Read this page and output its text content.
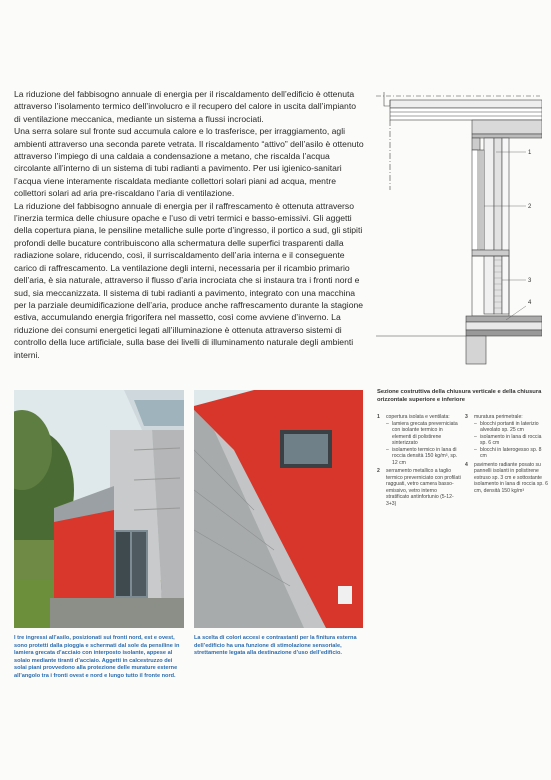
La riduzione del fabbisogno annuale di energia per il riscaldamento dell’edificio è ottenuta attraverso l’isolamento termico dell’involucro e il recupero del calore in uscita dall’impianto di ventilazione meccanica, mediante un sistema a flussi incrociati.

Una serra solare sul fronte sud accumula calore e lo trasferisce, per irraggiamento, agli ambienti attraverso una seconda parete vetrata. Il riscaldamento “attivo” dell’asilo è ottenuto attraverso l’impiego di una caldaia a condensazione a metano, che riscalda l’acqua circolante all’interno di un sistema di tubi radianti a pavimento. Per usi igienico-sanitari l’acqua viene interamente riscaldata mediante collettori solari piani ad acqua, mentre collettori solari ad aria pre-riscaldano l’aria di ventilazione.

La riduzione del fabbisogno annuale di energia per il raffrescamento è ottenuta attraverso l’inerzia termica delle chiusure opache e l’uso di vetri termici e basso-emissivi. Gli aggetti della copertura piana, le pensiline metalliche sulle porte d’ingresso, il portico a sud, gli stipiti profondi delle bucature contribuiscono alla schermatura delle superfici trasparenti dalla radiazione solare, riducendo, così, il surriscaldamento dell’aria interna e il conseguente carico di raffrescamento. La ventilazione degli interni, necessaria per il ricambio primario dell’aria, è sia naturale, attraverso il flusso d’aria incrociata che si instaura tra i fronti nord e sud, sia meccanizzata. Il sistema di tubi radianti a pavimento, integrato con una macchina per la parziale deumidificazione dell’aria, produce anche raffrescamento durante la stagione estiva, accumulando energia frigorifera nel massetto, così come avviene d’inverno. La riduzione dei consumi energetici legati all’illuminazione è ottenuta attraverso sistemi di controllo della luce artificiale, sulla base dei livelli di illuminamento naturale degli ambienti interni.

1
2
3
4
Sezione costruttiva della chiusura verticale e della chiusura orizzontale superiore e inferiore
1 copertura isolata e ventilata:
– lamiera grecata preverniciata con isolante termico in elementi di polistirene sinterizzato
– isolamento termico in lana di roccia densità 150 kg/m³, sp. 12 cm
2 serramento metallico a taglio termico preverniciato con profilati ragguati, vetro camera basso-emissivo, vetro interno stratificato antinfortunio (5-12-3+3)
3 muratura perimetrale:
– blocchi portanti in laterizio alveolato sp. 25 cm
– isolamento in lana di roccia sp. 6 cm
– blocchi in laterogesso sp. 8 cm
4 pavimento radiante posato su pannelli isolanti in polistirene estruso sp. 3 cm e sottostante isolamento in lana di roccia sp. 6 cm, densità 150 kg/m³
I tre ingressi all’asilo, posizionati sui fronti nord, est e ovest, sono protetti dalla pioggia e schermati dal sole da pensiline in lamiera grecata d’acciaio con interposto isolante, appese al solaio mediante tiranti d’acciaio. Aggetti in calcestruzzo dei solai piani provvedono alla protezione delle murature esterne all’angolo tra i fronti ovest e nord e lungo tutto il fronte nord.
La scelta di colori accesi e contrastanti per la finitura esterna dell’edificio ha una funzione di stimolazione sensoriale, strettamente legata alla destinazione d’uso dell’edificio.
